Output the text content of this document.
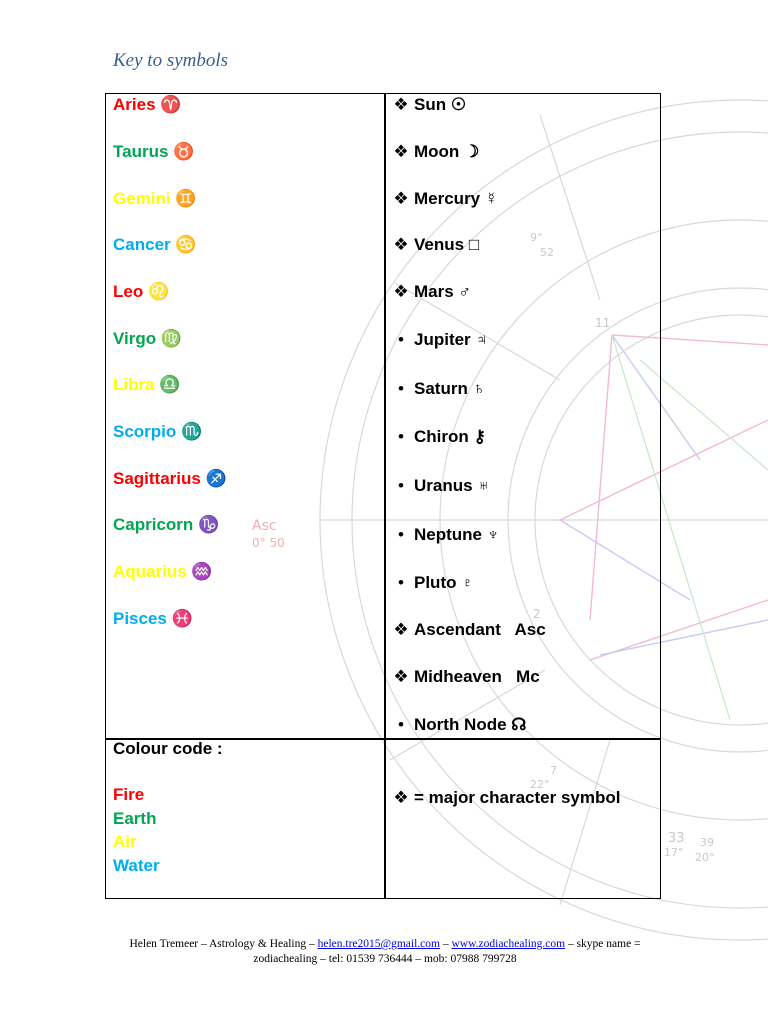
Asc
0° 50
11
2
9°
52
22°
7
33 39
17° 20°
Key to symbols
Aries ♈
Taurus ♉
Gemini ♊
Cancer ♋
Leo ♌
Virgo ♍
Libra ♎
Scorpio ♏
Sagittarius ♐
Capricorn ♑
Aquarius ♒
Pisces ♓
❖ Sun ☉
❖ Moon ☽
❖ Mercury ☿
❖ Venus □
❖ Mars ♂
• Jupiter ♃
• Saturn ♄
• Chiron ⚷
• Uranus ♅
• Neptune ♆
• Pluto ♇
❖ Ascendant Asc
❖ Midheaven Mc
• North Node ☊
Colour code :
Fire
Earth
Air
Water
❖ = major character symbol
Helen Tremeer – Astrology & Healing – helen.tre2015@gmail.com – www.zodiachealing.com – skype name = zodiachealing – tel: 01539 736444 – mob: 07988 799728
